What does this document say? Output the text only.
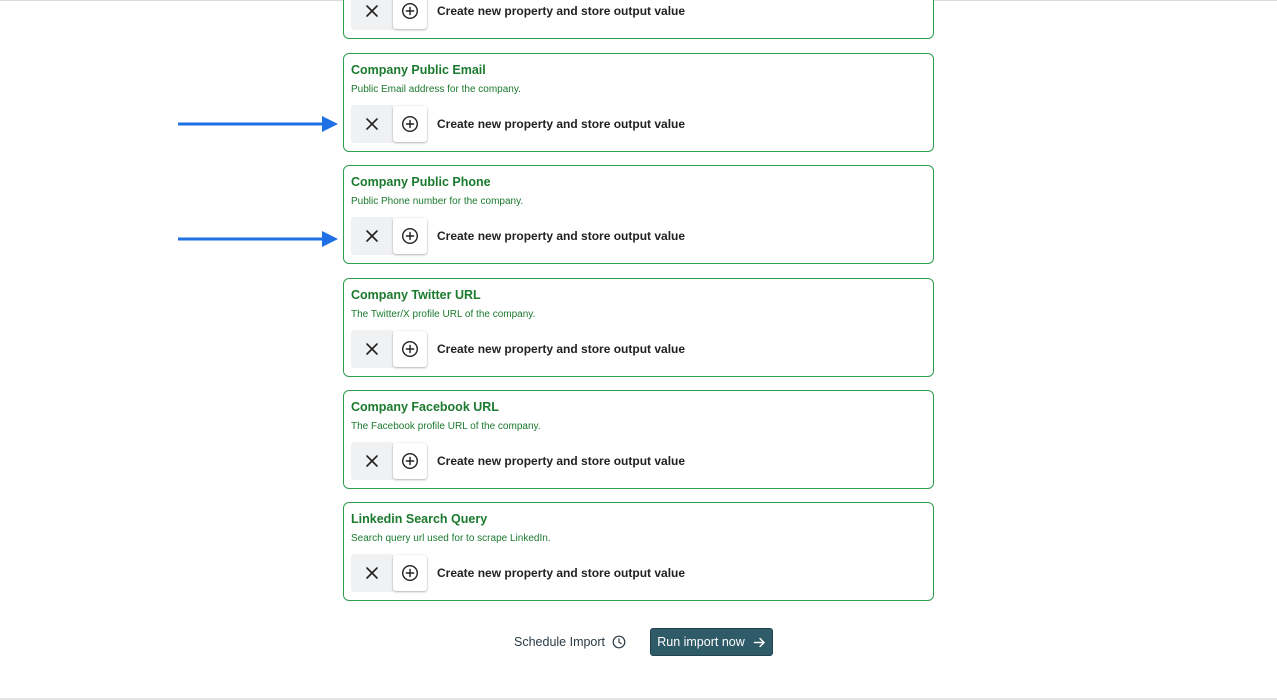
Create new property and store output value
Company Public Email
Public Email address for the company.
Create new property and store output value
Company Public Phone
Public Phone number for the company.
Create new property and store output value
Company Twitter URL
The Twitter/X profile URL of the company.
Create new property and store output value
Company Facebook URL
The Facebook profile URL of the company.
Create new property and store output value
Linkedin Search Query
Search query url used for to scrape LinkedIn.
Create new property and store output value
Schedule Import	Run import now
